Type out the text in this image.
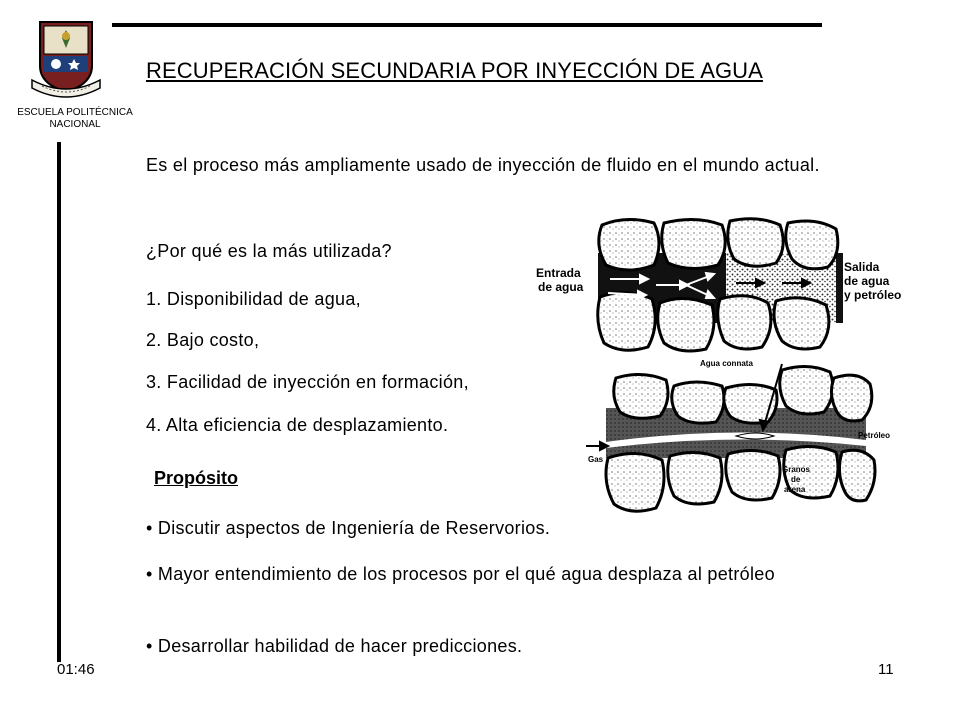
ESCUELA POLITÉCNICA NACIONAL
RECUPERACIÓN SECUNDARIA POR INYECCIÓN DE AGUA
Es el proceso más ampliamente usado de inyección de fluido en el mundo actual.
¿Por qué es la más utilizada?
1. Disponibilidad de agua,
2. Bajo costo,
3. Facilidad de inyección en formación,
4. Alta eficiencia de desplazamiento.
Propósito
• Discutir aspectos de Ingeniería de Reservorios.
• Mayor entendimiento de los procesos por el qué agua desplaza al petróleo
• Desarrollar habilidad de hacer predicciones.
Entrada
de agua
Salida
de agua
y petróleo
Agua connata
Petróleo
Gas
Granos
de
arena
01:46	11
